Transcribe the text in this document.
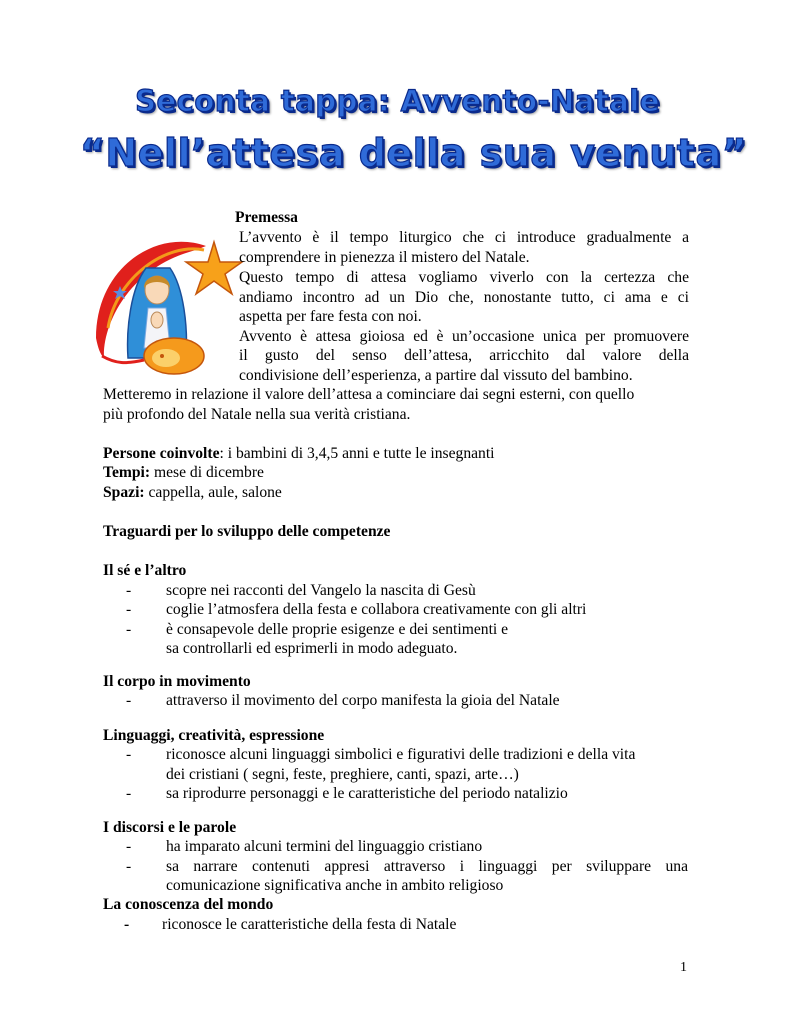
Seconta tappa: Avvento-Natale
“Nell’attesa della sua venuta”
Premessa
L’avvento è il tempo liturgico che ci introduce gradualmente a
comprendere in pienezza il mistero del Natale.
Questo tempo di attesa vogliamo viverlo con la certezza che
andiamo incontro ad un Dio che, nonostante tutto, ci ama e ci
aspetta per fare festa con noi.
Avvento è attesa gioiosa ed è un’occasione unica per promuovere
il gusto del senso dell’attesa, arricchito dal valore della
condivisione dell’esperienza, a partire dal vissuto del bambino.
Metteremo in relazione il valore dell’attesa a cominciare dai segni esterni, con quello
più profondo del Natale nella sua verità cristiana.
Persone coinvolte: i bambini di 3,4,5 anni e tutte le insegnanti
Tempi: mese di dicembre
Spazi: cappella, aule, salone
Traguardi per lo sviluppo delle competenze
Il sé e l’altro
- scopre nei racconti del Vangelo la nascita di Gesù
- coglie l’atmosfera della festa e collabora creativamente con gli altri
- è consapevole delle proprie esigenze e dei sentimenti e
sa controllarli ed esprimerli in modo adeguato.
Il corpo in movimento
- attraverso il movimento del corpo manifesta la gioia del Natale
Linguaggi, creatività, espressione
- riconosce alcuni linguaggi simbolici e figurativi delle tradizioni e della vita
dei cristiani ( segni, feste, preghiere, canti, spazi, arte…)
- sa riprodurre personaggi e le caratteristiche del periodo natalizio
I discorsi e le parole
- ha imparato alcuni termini del linguaggio cristiano
- sa narrare contenuti appresi attraverso i linguaggi per sviluppare una
comunicazione significativa anche in ambito religioso
La conoscenza del mondo
- riconosce le caratteristiche della festa di Natale
1
